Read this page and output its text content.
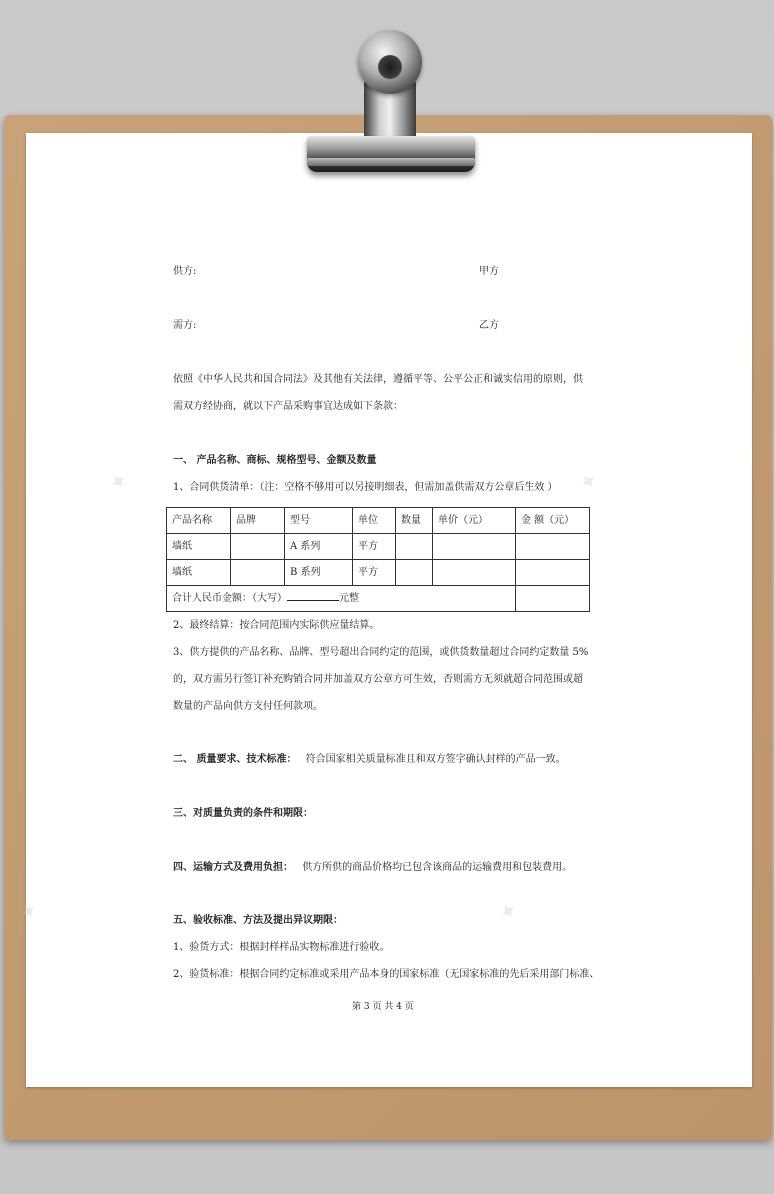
✦	✦
✦	✦
供方:	甲方
需方:	乙方
依照《中华人民共和国合同法》及其他有关法律，遵循平等、公平公正和诚实信用的原则，供
需双方经协商，就以下产品采购事宜达成如下条款：
一、 产品名称、商标、规格型号、金额及数量
1、合同供货清单：（注：空格不够用可以另接明细表，但需加盖供需双方公章后生效 ）
产品名称	品牌	型号	单位	数量	单价（元）	金 额（元）
墙纸		A 系列	平方			
墙纸		B 系列	平方			
合计人民币金额：（大写） 元整						
2、最终结算：按合同范围内实际供应量结算。
3、供方提供的产品名称、品牌、型号超出合同约定的范围，或供货数量超过合同约定数量 5%
的，双方需另行签订补充购销合同并加盖双方公章方可生效，否则需方无须就超合同范围或超
数量的产品向供方支付任何款项。
二、 质量要求、技术标准： 符合国家相关质量标准且和双方签字确认封样的产品一致。
三、对质量负责的条件和期限：
四、运输方式及费用负担： 供方所供的商品价格均已包含该商品的运输费用和包装费用。
五、验收标准、方法及提出异议期限：
1、验货方式：根据封样样品实物标准进行验收。
2、验货标准：根据合同约定标准或采用产品本身的国家标准（无国家标准的先后采用部门标准、
第 3 页 共 4 页
